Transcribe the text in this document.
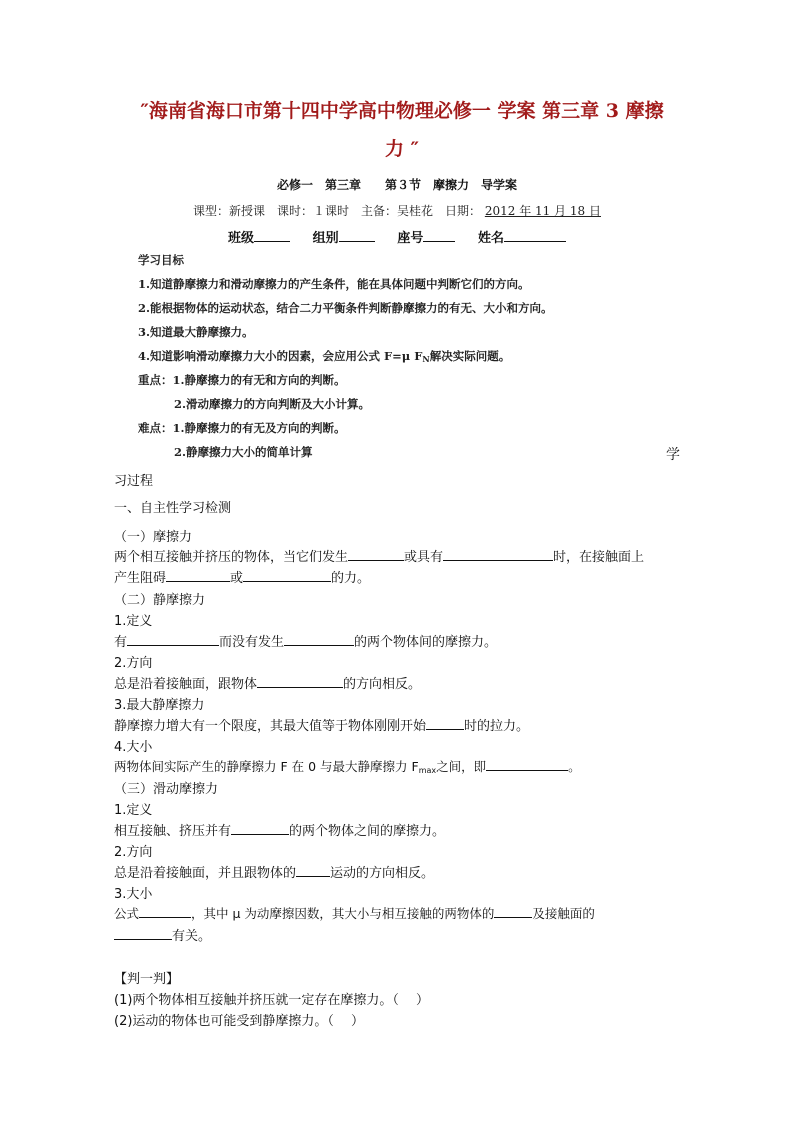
″海南省海口市第十四中学高中物理必修一 学案 第三章 3 摩擦
力 ″
必修一　第三章　　第３节　摩擦力　导学案
课型：新授课　课时：１课时　主备：吴桂花　日期： 2012 年 11 月 18 日
班级	组别	座号	姓名
学习目标
1.知道静摩擦力和滑动摩擦力的产生条件，能在具体问题中判断它们的方向。
2.能根据物体的运动状态，结合二力平衡条件判断静摩擦力的有无、大小和方向。
3.知道最大静摩擦力。
4.知道影响滑动摩擦力大小的因素，会应用公式 F=μ $F_N$解决实际问题。
重点：1.静摩擦力的有无和方向的判断。
2.滑动摩擦力的方向判断及大小计算。
难点：1.静摩擦力的有无及方向的判断。
2.静摩擦力大小的简单计算	学
习过程
一、自主性学习检测
（一）摩擦力
两个相互接触并挤压的物体，当它们发生	或具有	时，在接触面上
产生阻碍	或	的力。
（二）静摩擦力
1.定义
有	而没有发生	的两个物体间的摩擦力。
2.方向
总是沿着接触面，跟物体	的方向相反。
3.最大静摩擦力
静摩擦力增大有一个限度，其最大值等于物体刚刚开始	时的拉力。
4.大小
两物体间实际产生的静摩擦力 F 在 0 与最大静摩擦力 $F_{max}$之间，即	。
（三）滑动摩擦力
1.定义
相互接触、挤压并有	的两个物体之间的摩擦力。
2.方向
总是沿着接触面，并且跟物体的	运动的方向相反。
3.大小
公式	，其中 μ 为动摩擦因数，其大小与相互接触的两物体的	及接触面的
有关。
【判一判】
(1)两个物体相互接触并挤压就一定存在摩擦力。（　 ）
(2)运动的物体也可能受到静摩擦力。（　 ）
